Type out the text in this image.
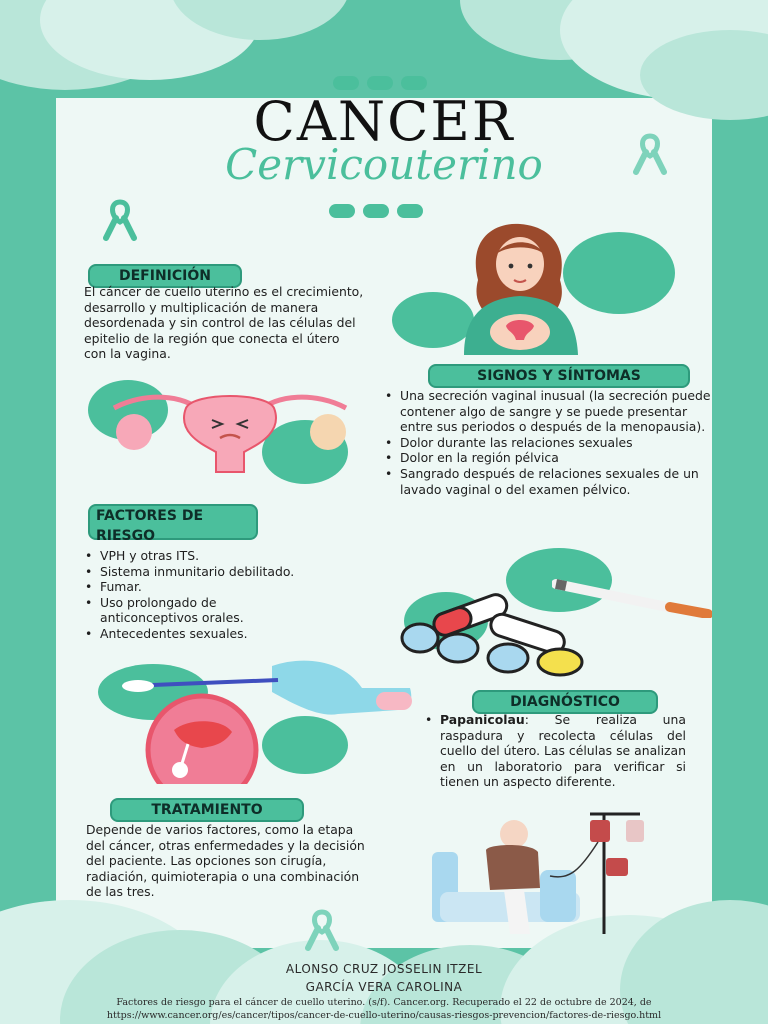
CANCER
Cervicouterino
DEFINICIÓN
El cáncer de cuello uterino es el crecimiento, desarrollo y multiplicación de manera desordenada y sin control de las células del epitelio de la región que conecta el útero con la vagina.
SIGNOS Y SÍNTOMAS
• Una secreción vaginal inusual (la secreción puede contener algo de sangre y se puede presentar entre sus periodos o después de la menopausia).
• Dolor durante las relaciones sexuales
• Dolor en la región pélvica
• Sangrado después de relaciones sexuales de un lavado vaginal o del examen pélvico.
FACTORES DE
RIESGO
• VPH y otras ITS.
• Sistema inmunitario debilitado.
• Fumar.
• Uso prolongado de anticonceptivos orales.
• Antecedentes sexuales.
DIAGNÓSTICO
• Papanicolau: Se realiza una raspadura y recolecta células del cuello del útero. Las células se analizan en un laboratorio para verificar si tienen un aspecto diferente.
TRATAMIENTO
Depende de varios factores, como la etapa del cáncer, otras enfermedades y la decisión del paciente. Las opciones son cirugía, radiación, quimioterapia o una combinación de las tres.
ALONSO CRUZ JOSSELIN ITZEL
GARCÍA VERA CAROLINA
Factores de riesgo para el cáncer de cuello uterino. (s/f). Cancer.org. Recuperado el 22 de octubre de 2024, de
https://www.cancer.org/es/cancer/tipos/cancer-de-cuello-uterino/causas-riesgos-prevencion/factores-de-riesgo.html
